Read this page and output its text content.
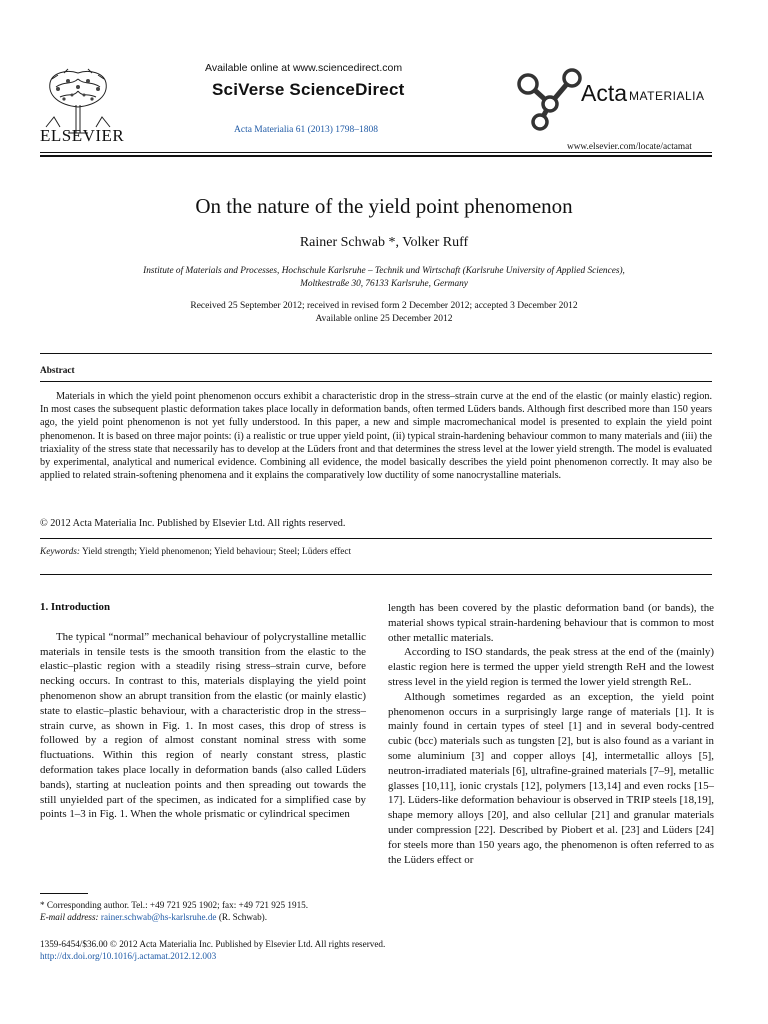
ELSEVIER
Available online at www.sciencedirect.com
SciVerse ScienceDirect
Acta Materialia 61 (2013) 1798–1808
Acta MATERIALIA
www.elsevier.com/locate/actamat
On the nature of the yield point phenomenon
Rainer Schwab *, Volker Ruff
Institute of Materials and Processes, Hochschule Karlsruhe – Technik und Wirtschaft (Karlsruhe University of Applied Sciences),
Moltkestraße 30, 76133 Karlsruhe, Germany
Received 25 September 2012; received in revised form 2 December 2012; accepted 3 December 2012
Available online 25 December 2012
Abstract
Materials in which the yield point phenomenon occurs exhibit a characteristic drop in the stress–strain curve at the end of the elastic (or mainly elastic) region. In most cases the subsequent plastic deformation takes place locally in deformation bands, often termed Lüders bands. Although first described more than 150 years ago, the yield point phenomenon is not yet fully understood. In this paper, a new and simple macromechanical model is presented to explain the yield point phenomenon. It is based on three major points: (i) a realistic or true upper yield point, (ii) typical strain-hardening behaviour common to many materials and (iii) the triaxiality of the stress state that necessarily has to develop at the Lüders front and that determines the stress level at the lower yield strength. The model is evaluated by experimental, analytical and numerical evidence. Combining all evidence, the model basically describes the yield point phenomenon correctly. It may also be applied to related strain-softening phenomena and it explains the comparatively low ductility of some nanocrystalline materials.
© 2012 Acta Materialia Inc. Published by Elsevier Ltd. All rights reserved.
Keywords: Yield strength; Yield phenomenon; Yield behaviour; Steel; Lüders effect
1. Introduction

The typical “normal” mechanical behaviour of polycrystalline metallic materials in tensile tests is the smooth transition from the elastic to the elastic–plastic region with a steadily rising stress–strain curve, before necking occurs. In contrast to this, materials displaying the yield point phenomenon show an abrupt transition from the elastic (or mainly elastic) state to elastic–plastic behaviour, with a characteristic drop in the stress–strain curve, as shown in Fig. 1. In most cases, this drop of stress is followed by a region of almost constant nominal stress with some fluctuations. Within this region of nearly constant stress, plastic deformation takes place locally in deformation bands (also called Lüders bands), starting at nucleation points and then spreading out towards the still unyielded part of the specimen, as indicated for a simplified case by points 1–3 in Fig. 1. When the whole prismatic or cylindrical specimen

length has been covered by the plastic deformation band (or bands), the material shows typical strain-hardening behaviour that is common to most other metallic materials.

According to ISO standards, the peak stress at the end of the (mainly) elastic region here is termed the upper yield strength ReH and the lowest stress level in the yield region is termed the lower yield strength ReL.

Although sometimes regarded as an exception, the yield point phenomenon occurs in a surprisingly large range of materials [1]. It is mainly found in certain types of steel [1] and in several body-centred cubic (bcc) materials such as tungsten [2], but is also found as a variant in some aluminium [3] and copper alloys [4], intermetallic alloys [5], neutron-irradiated materials [6], ultrafine-grained materials [7–9], metallic glasses [10,11], ionic crystals [12], polymers [13,14] and even rocks [15–17]. Lüders-like deformation behaviour is observed in TRIP steels [18,19], shape memory alloys [20], and also cellular [21] and granular materials under compression [22]. Described by Piobert et al. [23] and Lüders [24] for steels more than 150 years ago, the phenomenon is often referred to as the Lüders effect or

* Corresponding author. Tel.: +49 721 925 1902; fax: +49 721 925 1915.
E-mail address: rainer.schwab@hs-karlsruhe.de (R. Schwab).
1359-6454/$36.00 © 2012 Acta Materialia Inc. Published by Elsevier Ltd. All rights reserved.
http://dx.doi.org/10.1016/j.actamat.2012.12.003
